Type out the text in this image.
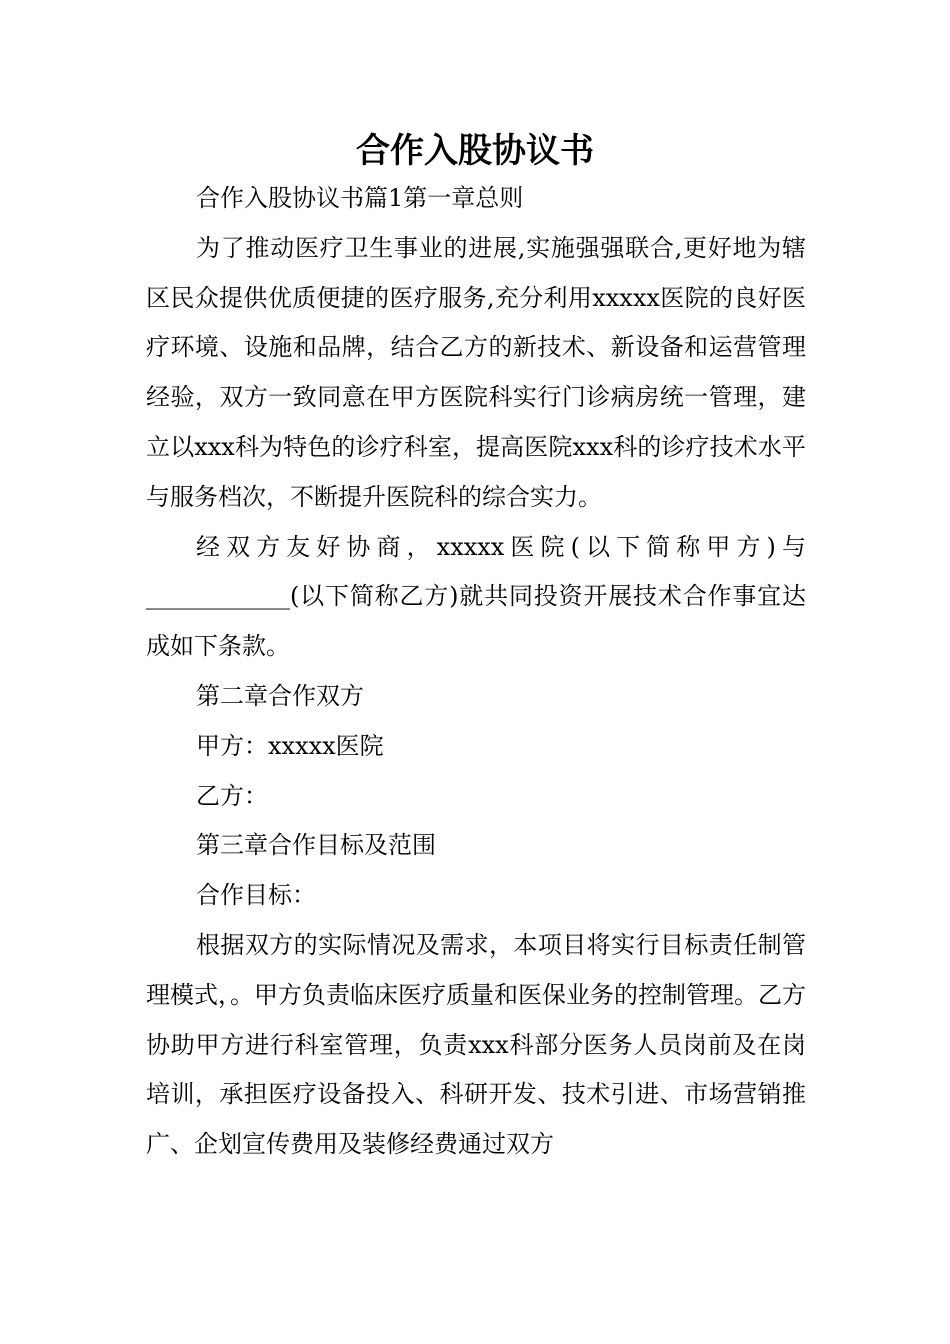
合作入股协议书

合作入股协议书篇1第一章总则

为了推动医疗卫生事业的进展,实施强强联合,更好地为辖区民众提供优质便捷的医疗服务,充分利用xxxxx医院的良好医疗环境、设施和品牌，结合乙方的新技术、新设备和运营管理经验，双方一致同意在甲方医院科实行门诊病房统一管理，建立以xxx科为特色的诊疗科室，提高医院xxx科的诊疗技术水平与服务档次，不断提升医院科的综合实力。

经双方友好协商，xxxxx医院(以下简称甲方)与____________(以下简称乙方)就共同投资开展技术合作事宜达成如下条款。

第二章合作双方

甲方：xxxxx医院

乙方：

第三章合作目标及范围

合作目标：

根据双方的实际情况及需求，本项目将实行目标责任制管理模式，。甲方负责临床医疗质量和医保业务的控制管理。乙方协助甲方进行科室管理，负责xxx科部分医务人员岗前及在岗培训，承担医疗设备投入、科研开发、技术引进、市场营销推广、企划宣传费用及装修经费通过双方
